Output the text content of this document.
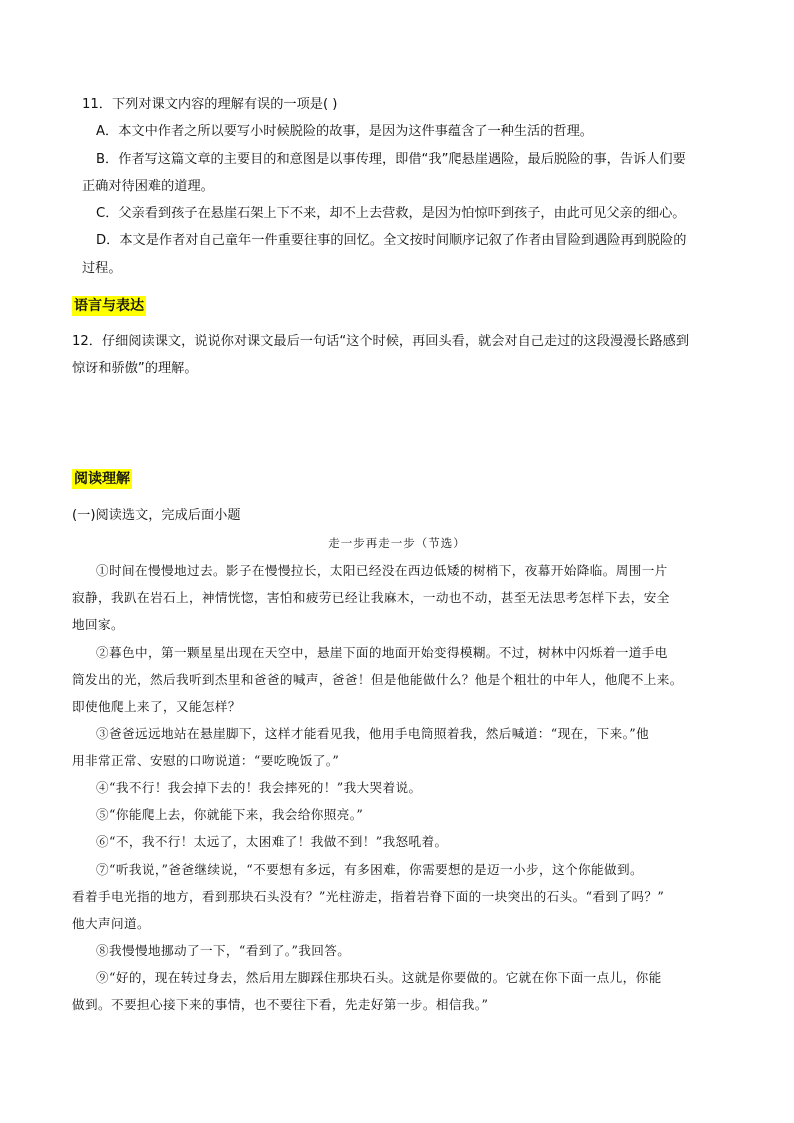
11．下列对课文内容的理解有误的一项是( )
A．本文中作者之所以要写小时候脱险的故事，是因为这件事蕴含了一种生活的哲理。
B．作者写这篇文章的主要目的和意图是以事传理，即借“我”爬悬崖遇险，最后脱险的事，告诉人们要
正确对待困难的道理。
C．父亲看到孩子在悬崖石架上下不来，却不上去营救，是因为怕惊吓到孩子，由此可见父亲的细心。
D．本文是作者对自己童年一件重要往事的回忆。全文按时间顺序记叙了作者由冒险到遇险再到脱险的
过程。
语言与表达
12．仔细阅读课文，说说你对课文最后一句话“这个时候，再回头看，就会对自己走过的这段漫漫长路感到
惊讶和骄傲”的理解。
阅读理解
(一)阅读选文，完成后面小题
走一步再走一步（节选）
①时间在慢慢地过去。影子在慢慢拉长，太阳已经没在西边低矮的树梢下，夜幕开始降临。周围一片
寂静，我趴在岩石上，神情恍惚，害怕和疲劳已经让我麻木，一动也不动，甚至无法思考怎样下去，安全
地回家。
②暮色中，第一颗星星出现在天空中，悬崖下面的地面开始变得模糊。不过，树林中闪烁着一道手电
筒发出的光，然后我听到杰里和爸爸的喊声，爸爸！但是他能做什么？他是个粗壮的中年人，他爬不上来。
即使他爬上来了，又能怎样？
③爸爸远远地站在悬崖脚下，这样才能看见我，他用手电筒照着我，然后喊道：“现在，下来。”他
用非常正常、安慰的口吻说道：“要吃晚饭了。”
④“我不行！我会掉下去的！我会摔死的！”我大哭着说。
⑤“你能爬上去，你就能下来，我会给你照亮。”
⑥“不，我不行！太远了，太困难了！我做不到！”我怒吼着。
⑦“听我说，”爸爸继续说，“不要想有多远，有多困难，你需要想的是迈一小步，这个你能做到。
看着手电光指的地方，看到那块石头没有？”光柱游走，指着岩脊下面的一块突出的石头。“看到了吗？”
他大声问道。
⑧我慢慢地挪动了一下，“看到了。”我回答。
⑨“好的，现在转过身去，然后用左脚踩住那块石头。这就是你要做的。它就在你下面一点儿，你能
做到。不要担心接下来的事情，也不要往下看，先走好第一步。相信我。”
